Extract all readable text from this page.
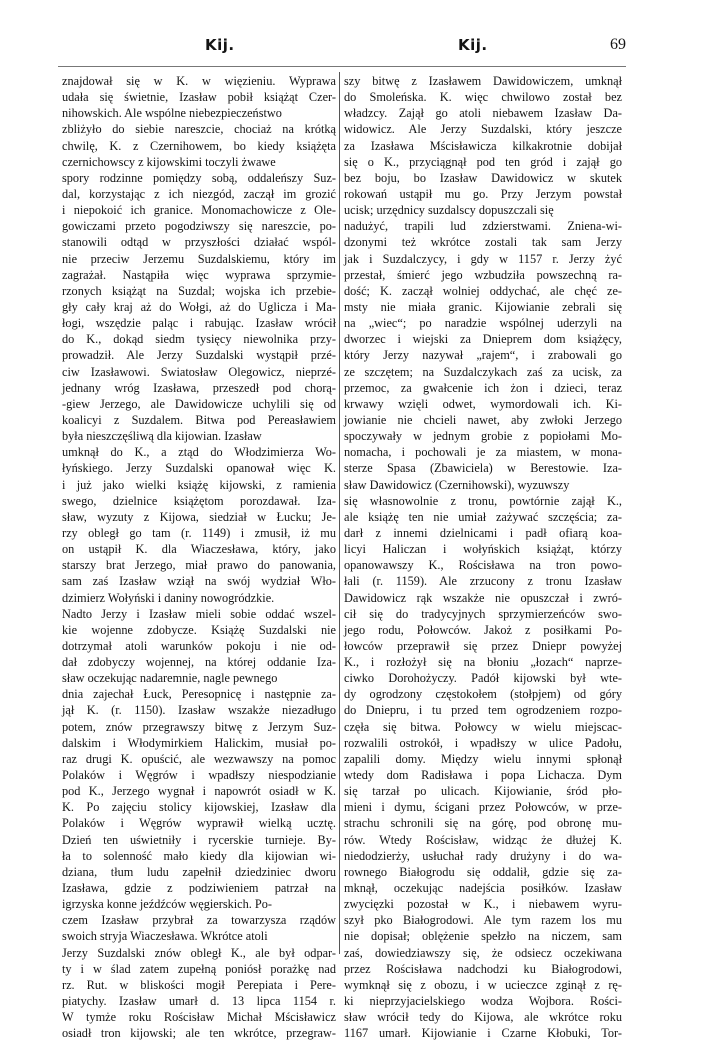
Kij.	Kij.	69
znajdował się w K. w więzieniu. Wyprawa
udała się świetnie, Izasław pobił książąt Czer-
nihowskich. Ale wspólne niebezpieczeństwo
zbliżyło do siebie nareszcie, chociaż na krótką
chwilę, K. z Czernihowem, bo kiedy książęta
czernichowscy z kijowskimi toczyli żwawe
spory rodzinne pomiędzy sobą, oddaleńszy Suz-
dal, korzystając z ich niezgód, zaczął im grozić
i niepokoić ich granice. Monomachowicze z Ole-
gowiczami przeto pogodziwszy się nareszcie, po-
stanowili odtąd w przyszłości działać wspól-
nie przeciw Jerzemu Suzdalskiemu, który im
zagrażał. Nastąpiła więc wyprawa sprzymie-
rzonych książąt na Suzdal; wojska ich przebie-
gły cały kraj aż do Wołgi, aż do Uglicza i Ma-
łogi, wszędzie paląc i rabując. Izasław wrócił
do K., dokąd siedm tysięcy niewolnika przy-
prowadził. Ale Jerzy Suzdalski wystąpił przé-
ciw Izasławowi. Swiatosław Olegowicz, nieprzé-
jednany wróg Izasława, przeszedł pod chorą-
-giew Jerzego, ale Dawidowicze uchylili się od
koalicyi z Suzdalem. Bitwa pod Pereasławiem
była nieszczęśliwą dla kijowian. Izasław
umknął do K., a ztąd do Włodzimierza Wo-
łyńskiego. Jerzy Suzdalski opanował więc K.
i już jako wielki książę kijowski, z ramienia
swego, dzielnice książętom porozdawał. Iza-
sław, wyzuty z Kijowa, siedział w Łucku; Je-
rzy obległ go tam (r. 1149) i zmusił, iż mu
on ustąpił K. dla Wiaczesława, który, jako
starszy brat Jerzego, miał prawo do panowania,
sam zaś Izasław wziął na swój wydział Wło-
dzimierz Wołyński i daniny nowogródzkie.
Nadto Jerzy i Izasław mieli sobie oddać wszel-
kie wojenne zdobycze. Książę Suzdalski nie
dotrzymał atoli warunków pokoju i nie od-
dał zdobyczy wojennej, na której oddanie Iza-
sław oczekując nadaremnie, nagle pewnego
dnia zajechał Łuck, Peresopnicę i następnie za-
jął K. (r. 1150). Izasław wszakże niezadługo
potem, znów przegrawszy bitwę z Jerzym Suz-
dalskim i Włodymirkiem Halickim, musiał po-
raz drugi K. opuścić, ale wezwawszy na pomoc
Polaków i Węgrów i wpadłszy niespodzianie
pod K., Jerzego wygnał i napowrót osiadł w K.
K. Po zajęciu stolicy kijowskiej, Izasław dla
Polaków i Węgrów wyprawił wielką ucztę.
Dzień ten uświetniły i rycerskie turnieje. By-
ła to solenność mało kiedy dla kijowian wi-
dziana, tłum ludu zapełnił dziedziniec dworu
Izasława, gdzie z podziwieniem patrzał na
igrzyska konne jeźdźców węgierskich. Po-
czem Izasław przybrał za towarzysza rządów
swoich stryja Wiaczesława. Wkrótce atoli
Jerzy Suzdalski znów obległ K., ale był odpar-
ty i w ślad zatem zupełną poniósł porażkę nad
rz. Rut. w bliskości mogił Perepiata i Pere-
piatychy. Izasław umarł d. 13 lipca 1154 r.
W tymże roku Rościsław Michał Mścisławicz
osiadł tron kijowski; ale ten wkrótce, przegraw-
szy bitwę z Izasławem Dawidowiczem, umknął
do Smoleńska. K. więc chwilowo został bez
władzcy. Zajął go atoli niebawem Izasław Da-
widowicz. Ale Jerzy Suzdalski, który jeszcze
za Izasława Mścisławicza kilkakrotnie dobijał
się o K., przyciągnął pod ten gród i zajął go
bez boju, bo Izasław Dawidowicz w skutek
rokowań ustąpił mu go. Przy Jerzym powstał
ucisk; urzędnicy suzdalscy dopuszczali się
nadużyć, trapili lud zdzierstwami. Zniena-wi-
dzonymi też wkrótce zostali tak sam Jerzy
jak i Suzdalczycy, i gdy w 1157 r. Jerzy żyć
przestał, śmierć jego wzbudziła powszechną ra-
dość; K. zaczął wolniej oddychać, ale chęć ze-
msty nie miała granic. Kijowianie zebrali się
na „wiec“; po naradzie wspólnej uderzyli na
dworzec i wiejski za Dnieprem dom książęcy,
który Jerzy nazywał „rajem“, i zrabowali go
ze szczętem; na Suzdalczykach zaś za ucisk, za
przemoc, za gwałcenie ich żon i dzieci, teraz
krwawy wzięli odwet, wymordowali ich. Ki-
jowianie nie chcieli nawet, aby zwłoki Jerzego
spoczywały w jednym grobie z popiołami Mo-
nomacha, i pochowali je za miastem, w mona-
sterze Spasa (Zbawiciela) w Berestowie. Iza-
sław Dawidowicz (Czernihowski), wyzuwszy
się własnowolnie z tronu, powtórnie zajął K.,
ale książę ten nie umiał zażywać szczęścia; za-
darł z innemi dzielnicami i padł ofiarą koa-
licyi Haliczan i wołyńskich książąt, którzy
opanowawszy K., Rościsława na tron powo-
łali (r. 1159). Ale zrzucony z tronu Izasław
Dawidowicz rąk wszakże nie opuszczał i zwró-
cił się do tradycyjnych sprzymierzeńców swo-
jego rodu, Połowców. Jakoż z posiłkami Po-
łowców przeprawił się przez Dniepr powyżej
K., i rozłożył się na błoniu „łozach“ naprze-
ciwko Dorohożyczy. Padół kijowski był wte-
dy ogrodzony częstokołem (stołpjem) od góry
do Dniepru, i tu przed tem ogrodzeniem rozpo-
częła się bitwa. Połowcy w wielu miejscac-
rozwalili ostrokół, i wpadłszy w ulice Padołu,
zapalili domy. Między wielu innymi spłonął
wtedy dom Radisława i popa Lichacza. Dym
się tarzał po ulicach. Kijowianie, śród pło-
mieni i dymu, ścigani przez Połowców, w prze-
strachu schronili się na górę, pod obronę mu-
rów. Wtedy Rościsław, widząc że dłużej K.
niedodzierży, usłuchał rady drużyny i do wa-
rownego Białogrodu się oddalił, gdzie się za-
mknął, oczekując nadejścia posiłków. Izasław
zwycięzki pozostał w K., i niebawem wyru-
szył pko Białogrodowi. Ale tym razem los mu
nie dopisał; oblężenie spełzło na niczem, sam
zaś, dowiedziawszy się, że odsiecz oczekiwana
przez Rościsława nadchodzi ku Białogrodowi,
wymknął się z obozu, i w ucieczce zginął z rę-
ki nieprzyjacielskiego wodza Wojbora. Rości-
sław wrócił tedy do Kijowa, ale wkrótce roku
1167 umarł. Kijowianie i Czarne Kłobuki, Tor-
